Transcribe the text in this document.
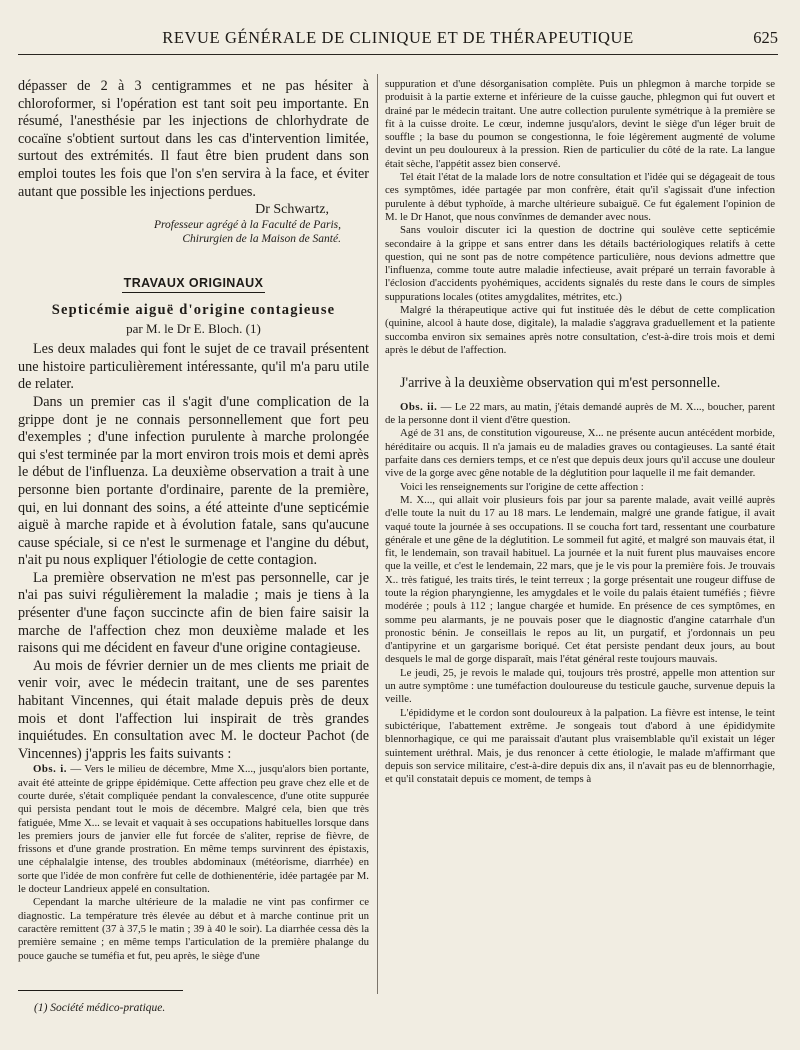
REVUE GÉNÉRALE DE CLINIQUE ET DE THÉRAPEUTIQUE	625

dépasser de 2 à 3 centigrammes et ne pas hésiter à chloroformer, si l'opération est tant soit peu importante. En résumé, l'anesthésie par les injections de chlorhydrate de cocaïne s'obtient surtout dans les cas d'intervention limitée, surtout des extrémités. Il faut être bien prudent dans son emploi toutes les fois que l'on s'en servira à la face, et éviter autant que possible les injections perdues.

Dr Schwartz,

Professeur agrégé à la Faculté de Paris,

Chirurgien de la Maison de Santé.

TRAVAUX ORIGINAUX

Septicémie aiguë d'origine contagieuse

par M. le Dr E. Bloch. (1)

Les deux malades qui font le sujet de ce travail présentent une histoire particulièrement intéressante, qu'il m'a paru utile de relater.

Dans un premier cas il s'agit d'une complication de la grippe dont je ne connais personnellement que fort peu d'exemples ; d'une infection purulente à marche prolongée qui s'est terminée par la mort environ trois mois et demi après le début de l'influenza. La deuxième observation a trait à une personne bien portante d'ordinaire, parente de la première, qui, en lui donnant des soins, a été atteinte d'une septicémie aiguë à marche rapide et à évolution fatale, sans qu'aucune cause spéciale, si ce n'est le surmenage et l'angine du début, n'ait pu nous expliquer l'étiologie de cette contagion.

La première observation ne m'est pas personnelle, car je n'ai pas suivi régulièrement la maladie ; mais je tiens à la présenter d'une façon succincte afin de bien faire saisir la marche de l'affection chez mon deuxième malade et les raisons qui me décident en faveur d'une origine contagieuse.

Au mois de février dernier un de mes clients me priait de venir voir, avec le médecin traitant, une de ses parentes habitant Vincennes, qui était malade depuis près de deux mois et dont l'affection lui inspirait de très grandes inquiétudes. En consultation avec M. le docteur Pachot (de Vincennes) j'appris les faits suivants :

Obs. i. — Vers le milieu de décembre, Mme X..., jusqu'alors bien portante, avait été atteinte de grippe épidémique. Cette affection peu grave chez elle et de courte durée, s'était compliquée pendant la convalescence, d'une otite suppurée qui persista pendant tout le mois de décembre. Malgré cela, bien que très fatiguée, Mme X... se levait et vaquait à ses occupations habituelles lorsque dans les premiers jours de janvier elle fut forcée de s'aliter, reprise de fièvre, de frissons et d'une grande prostration. En même temps survinrent des épistaxis, une céphalalgie intense, des troubles abdominaux (météorisme, diarrhée) en sorte que l'idée de mon confrère fut celle de dothienentérie, idée partagée par M. le docteur Landrieux appelé en consultation.

Cependant la marche ultérieure de la maladie ne vint pas confirmer ce diagnostic. La température très élevée au début et à marche continue prit un caractère remittent (37 à 37,5 le matin ; 39 à 40 le soir). La diarrhée cessa dès la première semaine ; en même temps l'articulation de la première phalange du pouce gauche se tuméfia et fut, peu après, le siège d'une

suppuration et d'une désorganisation complète. Puis un phlegmon à marche torpide se produisit à la partie externe et inférieure de la cuisse gauche, phlegmon qui fut ouvert et drainé par le médecin traitant. Une autre collection purulente symétrique à la première se fit à la cuisse droite. Le cœur, indemne jusqu'alors, devint le siège d'un léger bruit de souffle ; la base du poumon se congestionna, le foie légèrement augmenté de volume devint un peu douloureux à la pression. Rien de particulier du côté de la rate. La langue était sèche, l'appétit assez bien conservé.

Tel était l'état de la malade lors de notre consultation et l'idée qui se dégageait de tous ces symptômes, idée partagée par mon confrère, était qu'il s'agissait d'une infection purulente à début typhoïde, à marche ultérieure subaiguë. Ce fut également l'opinion de M. le Dr Hanot, que nous convînmes de demander avec nous.

Sans vouloir discuter ici la question de doctrine qui soulève cette septicémie secondaire à la grippe et sans entrer dans les détails bactériologiques relatifs à cette question, qui ne sont pas de notre compétence particulière, nous devions admettre que l'influenza, comme toute autre maladie infectieuse, avait préparé un terrain favorable à l'éclosion d'accidents pyohémiques, accidents signalés du reste dans le cours de simples suppurations locales (otites amygdalites, métrites, etc.)

Malgré la thérapeutique active qui fut instituée dès le début de cette complication (quinine, alcool à haute dose, digitale), la maladie s'aggrava graduellement et la patiente succomba environ six semaines après notre consultation, c'est-à-dire trois mois et demi après le début de l'affection.

J'arrive à la deuxième observation qui m'est personnelle.

Obs. ii. — Le 22 mars, au matin, j'étais demandé auprès de M. X..., boucher, parent de la personne dont il vient d'être question.

Agé de 31 ans, de constitution vigoureuse, X... ne présente aucun antécédent morbide, héréditaire ou acquis. Il n'a jamais eu de maladies graves ou contagieuses. La santé était parfaite dans ces derniers temps, et ce n'est que depuis deux jours qu'il accuse une douleur vive de la gorge avec gêne notable de la déglutition pour laquelle il me fait demander.

Voici les renseignements sur l'origine de cette affection :

M. X..., qui allait voir plusieurs fois par jour sa parente malade, avait veillé auprès d'elle toute la nuit du 17 au 18 mars. Le lendemain, malgré une grande fatigue, il avait vaqué toute la journée à ses occupations. Il se coucha fort tard, ressentant une courbature générale et une gêne de la déglutition. Le sommeil fut agité, et malgré son mauvais état, il fit, le lendemain, son travail habituel. La journée et la nuit furent plus mauvaises encore que la veille, et c'est le lendemain, 22 mars, que je le vis pour la première fois. Je trouvais X.. très fatigué, les traits tirés, le teint terreux ; la gorge présentait une rougeur diffuse de toute la région pharyngienne, les amygdales et le voile du palais étaient tuméfiés ; fièvre modérée ; pouls à 112 ; langue chargée et humide. En présence de ces symptômes, en somme peu alarmants, je ne pouvais poser que le diagnostic d'angine catarrhale d'un pronostic bénin. Je conseillais le repos au lit, un purgatif, et j'ordonnais un peu d'antipyrine et un gargarisme boriqué. Cet état persiste pendant deux jours, au bout desquels le mal de gorge disparaît, mais l'état général reste toujours mauvais.

Le jeudi, 25, je revois le malade qui, toujours très prostré, appelle mon attention sur un autre symptôme : une tuméfaction douloureuse du testicule gauche, survenue depuis la veille.

L'épididyme et le cordon sont douloureux à la palpation. La fièvre est intense, le teint subictérique, l'abattement extrême. Je songeais tout d'abord à une épididymite blennorhagique, ce qui me paraissait d'autant plus vraisemblable qu'il existait un léger suintement uréthral. Mais, je dus renoncer à cette étiologie, le malade m'affirmant que depuis son service militaire, c'est-à-dire depuis dix ans, il n'avait pas eu de blennorrhagie, et qu'il constatait depuis ce moment, de temps à

(1) Société médico-pratique.
